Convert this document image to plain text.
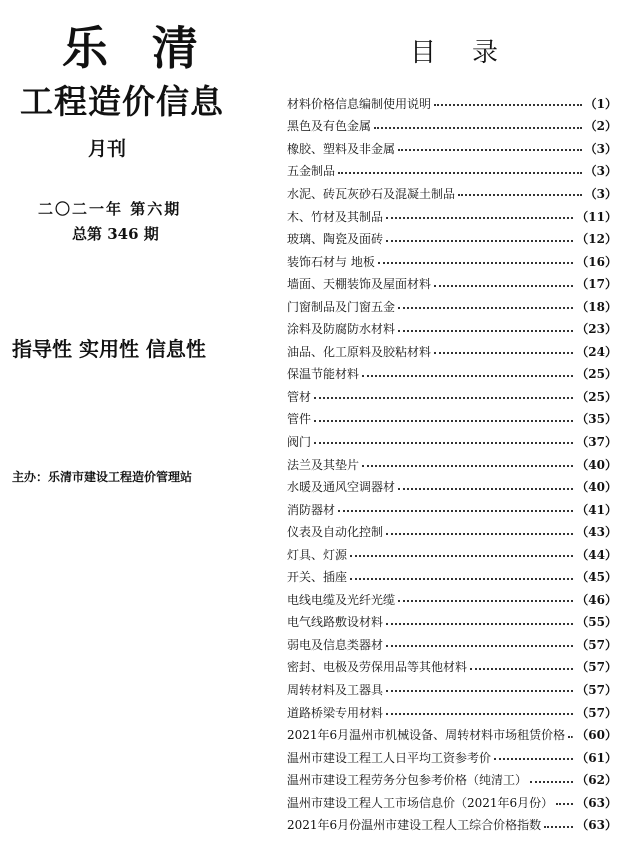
乐 清
工程造价信息
月刊
二〇二一年 第六期
总第 346 期
指导性 实用性 信息性
主办：乐清市建设工程造价管理站
目录
材料价格信息编制使用说明	（1）
黑色及有色金属	（2）
橡胶、塑料及非金属	（3）
五金制品	（3）
水泥、砖瓦灰砂石及混凝土制品	（3）
木、竹材及其制品	（11）
玻璃、陶瓷及面砖	（12）
装饰石材与 地板	（16）
墙面、天棚装饰及屋面材料	（17）
门窗制品及门窗五金	（18）
涂料及防腐防水材料	（23）
油品、化工原料及胶粘材料	（24）
保温节能材料	（25）
管材	（25）
管件	（35）
阀门	（37）
法兰及其垫片	（40）
水暖及通风空调器材	（40）
消防器材	（41）
仪表及自动化控制	（43）
灯具、灯源	（44）
开关、插座	（45）
电线电缆及光纤光缆	（46）
电气线路敷设材料	（55）
弱电及信息类器材	（57）
密封、电极及劳保用品等其他材料	（57）
周转材料及工器具	（57）
道路桥梁专用材料	（57）
2021年6月温州市机械设备、周转材料市场租赁价格 （60）
温州市建设工程工人日平均工资参考价	（61）
温州市建设工程劳务分包参考价格（纯清工）	（62）
温州市建设工程人工市场信息价（2021年6月份） （63）
2021年6月份温州市建设工程人工综合价格指数	（63）
